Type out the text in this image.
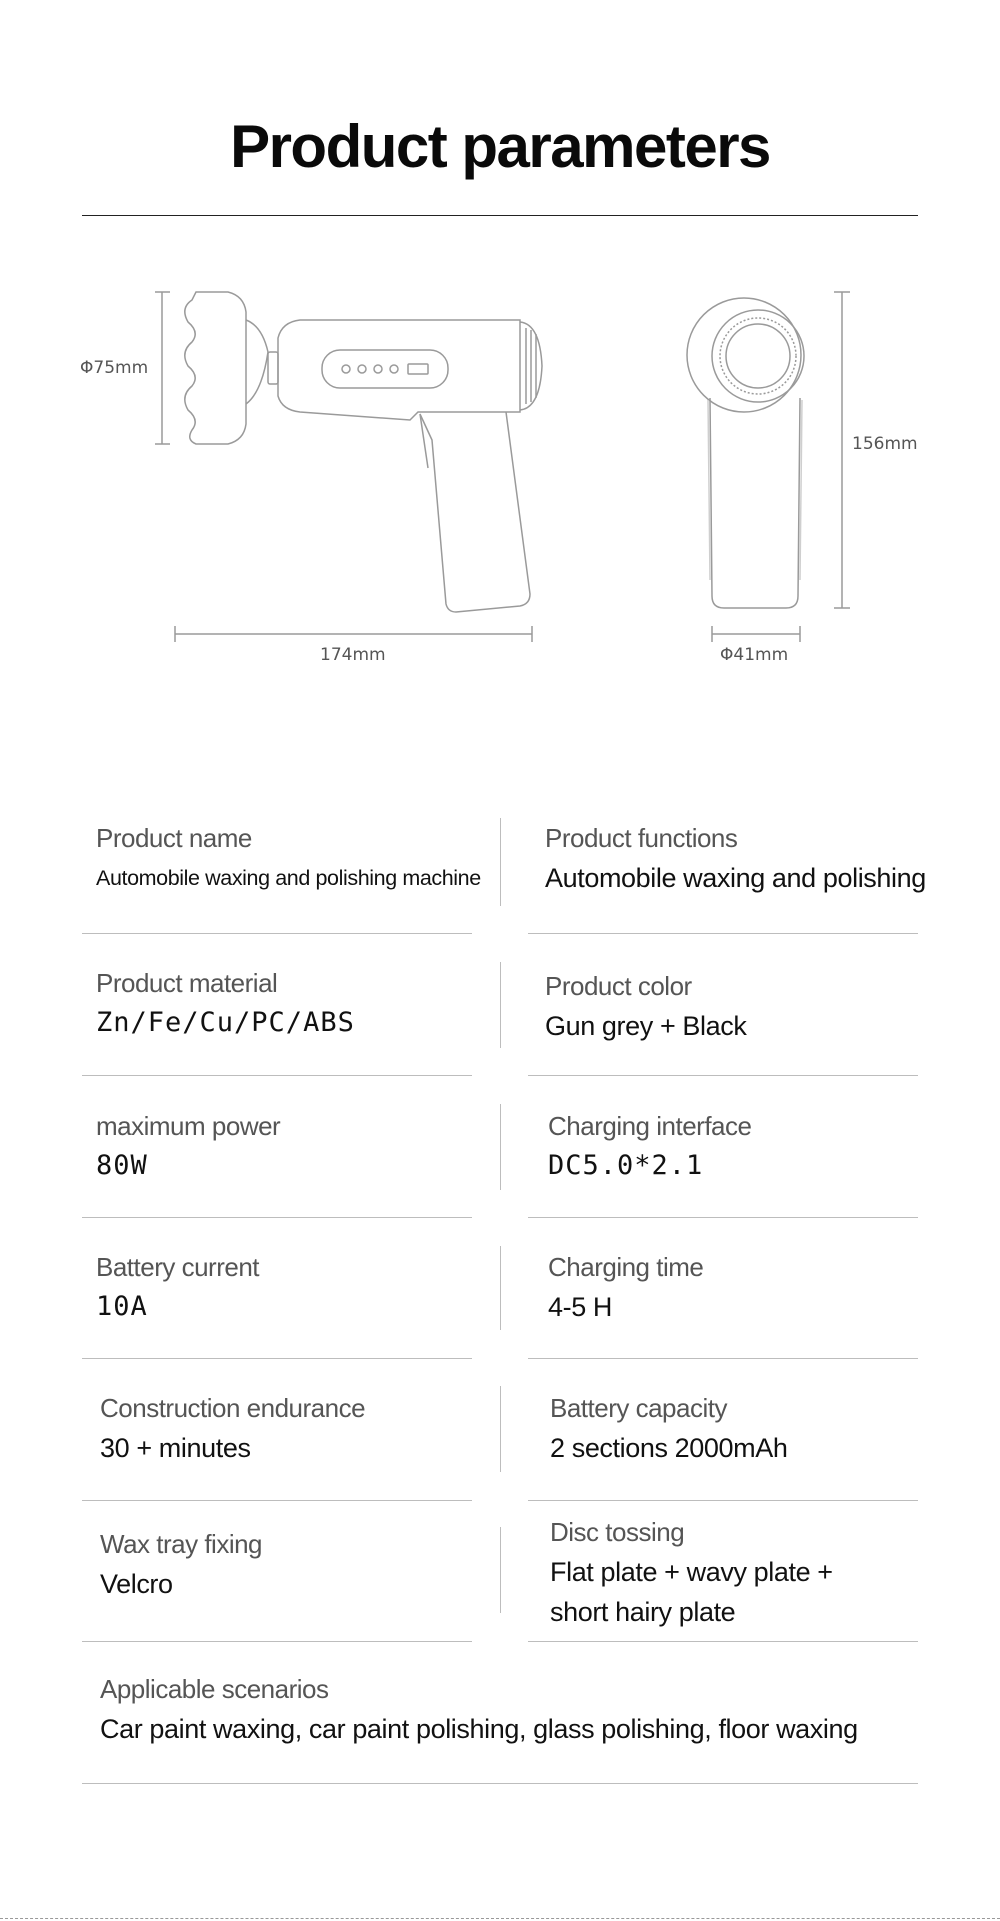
Product parameters
Φ75mm
174mm
156mm
Φ41mm
Product name
Automobile waxing and polishing machine
Product functions
Automobile waxing and polishing
Product material
Zn/Fe/Cu/PC/ABS
Product color
Gun grey + Black
maximum power
80W
Charging interface
DC5.0*2.1
Battery current
10A
Charging time
4-5 H
Construction endurance
30 + minutes
Battery capacity
2 sections 2000mAh
Wax tray fixing
Velcro
Disc tossing
Flat plate + wavy plate + short hairy plate
Applicable scenarios
Car paint waxing, car paint polishing, glass polishing, floor waxing
